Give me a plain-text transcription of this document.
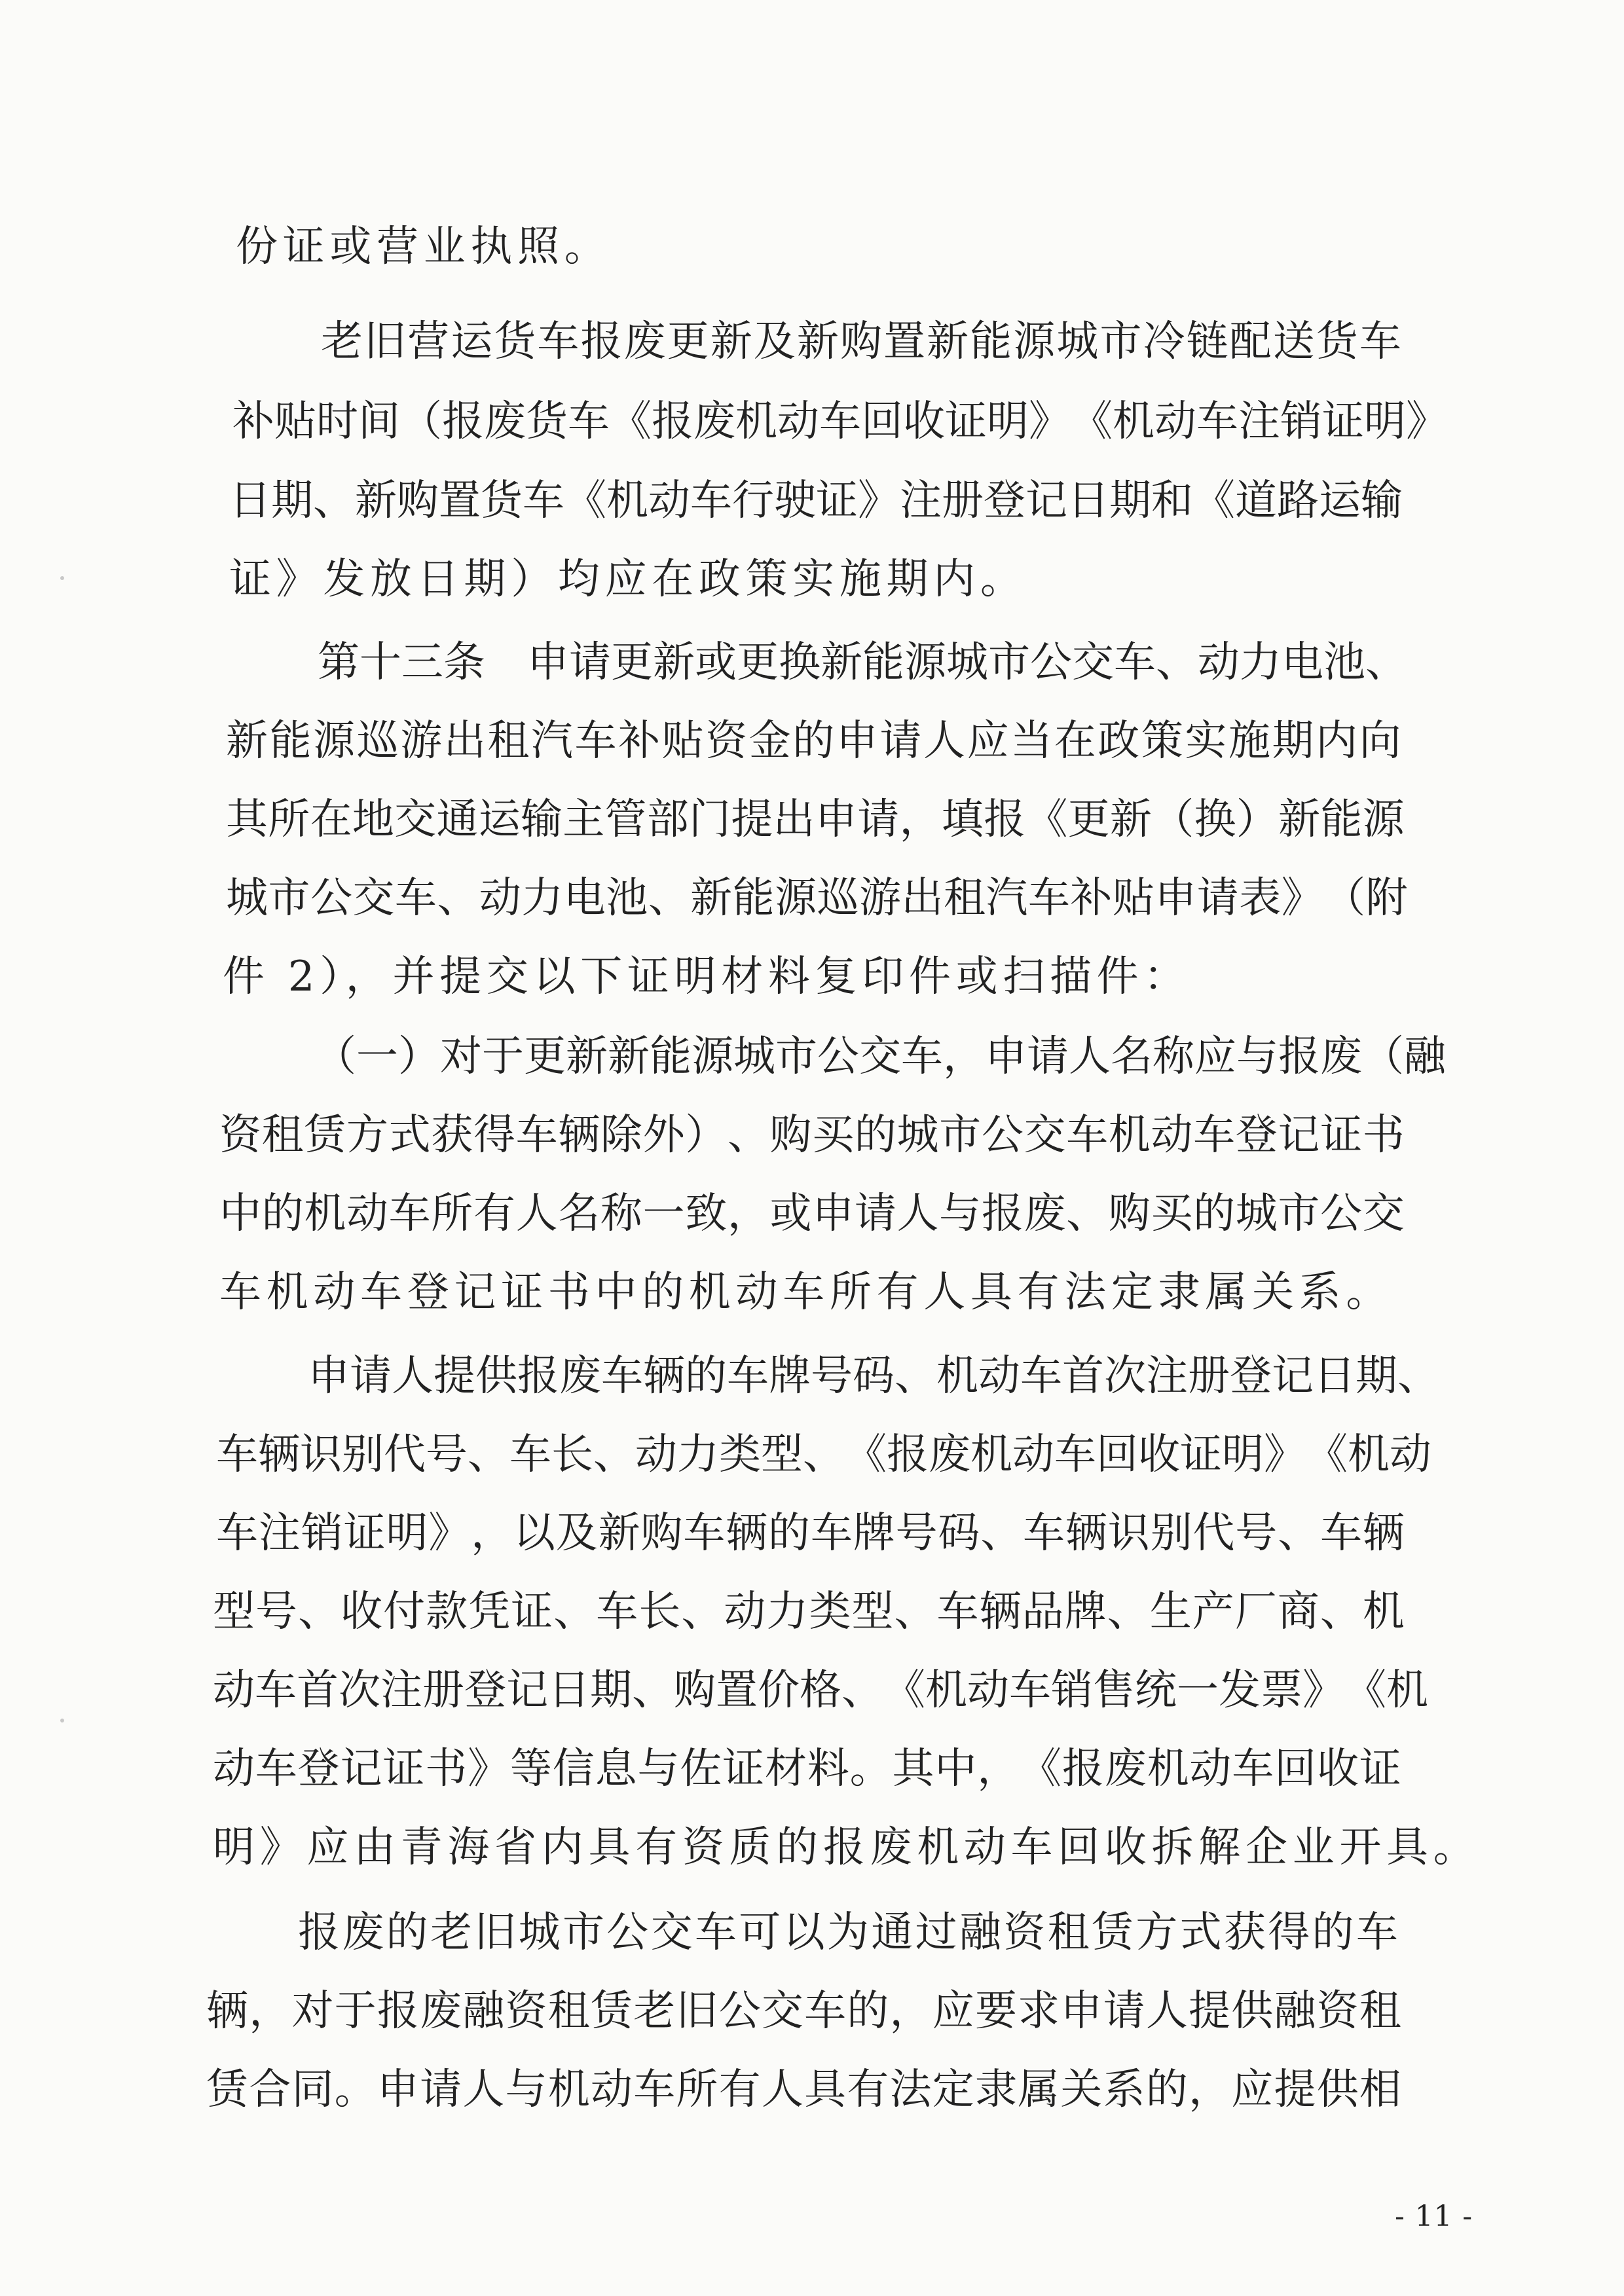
份证或营业执照。
老 旧 营 运 货 车 报 废 更 新 及 新 购 置 新 能 源 城 市 冷 链 配 送 货 车
补 贴 时 间 （ 报 废 货 车 《 报 废 机 动 车 回 收 证 明 》 《 机 动 车 注 销 证 明 》
日 期 、 新 购 置 货 车 《 机 动 车 行 驶 证 》 注 册 登 记 日 期 和 《 道 路 运 输
证》发放日期）均应在政策实施期内。
第 十 三 条
　 申 请 更 新 或 更 换 新 能 源 城 市 公 交 车 、 动 力 电 池 、
新 能 源 巡 游 出 租 汽 车 补 贴 资 金 的 申 请 人 应 当 在 政 策 实 施 期 内 向
其 所 在 地 交 通 运 输 主 管 部 门 提 出 申 请 ， 填 报 《 更 新 （ 换 ） 新 能 源
城 市 公 交 车 、 动 力 电 池 、 新 能 源 巡 游 出 租 汽 车 补 贴 申 请 表 》 （ 附
件 2），并提交以下证明材料复印件或扫描件：
（ 一 ） 对 于 更 新 新 能 源 城 市 公 交 车 ， 申 请 人 名 称 应 与 报 废 （ 融
资 租 赁 方 式 获 得 车 辆 除 外 ） 、 购 买 的 城 市 公 交 车 机 动 车 登 记 证 书
中 的 机 动 车 所 有 人 名 称 一 致 ， 或 申 请 人 与 报 废 、 购 买 的 城 市 公 交
车机动车登记证书中的机动车所有人具有法定隶属关系。
申 请 人 提 供 报 废 车 辆 的 车 牌 号 码 、 机 动 车 首 次 注 册 登 记 日 期 、
车 辆 识 别 代 号 、 车 长 、 动 力 类 型 、 《 报 废 机 动 车 回 收 证 明 》 《 机 动
车 注 销 证 明 》 ， 以 及 新 购 车 辆 的 车 牌 号 码 、 车 辆 识 别 代 号 、 车 辆
型 号 、 收 付 款 凭 证 、 车 长 、 动 力 类 型 、 车 辆 品 牌 、 生 产 厂 商 、 机
动 车 首 次 注 册 登 记 日 期 、 购 置 价 格 、 《 机 动 车 销 售 统 一 发 票 》 《 机
动 车 登 记 证 书 》 等 信 息 与 佐 证 材 料 。 其 中 ， 《 报 废 机 动 车 回 收 证
明》应由青海省内具有资质的报废机动车回收拆解企业开具。
报 废 的 老 旧 城 市 公 交 车 可 以 为 通 过 融 资 租 赁 方 式 获 得 的 车
辆 ， 对 于 报 废 融 资 租 赁 老 旧 公 交 车 的 ， 应 要 求 申 请 人 提 供 融 资 租
赁 合 同 。 申 请 人 与 机 动 车 所 有 人 具 有 法 定 隶 属 关 系 的 ， 应 提 供 相
- 11 -
